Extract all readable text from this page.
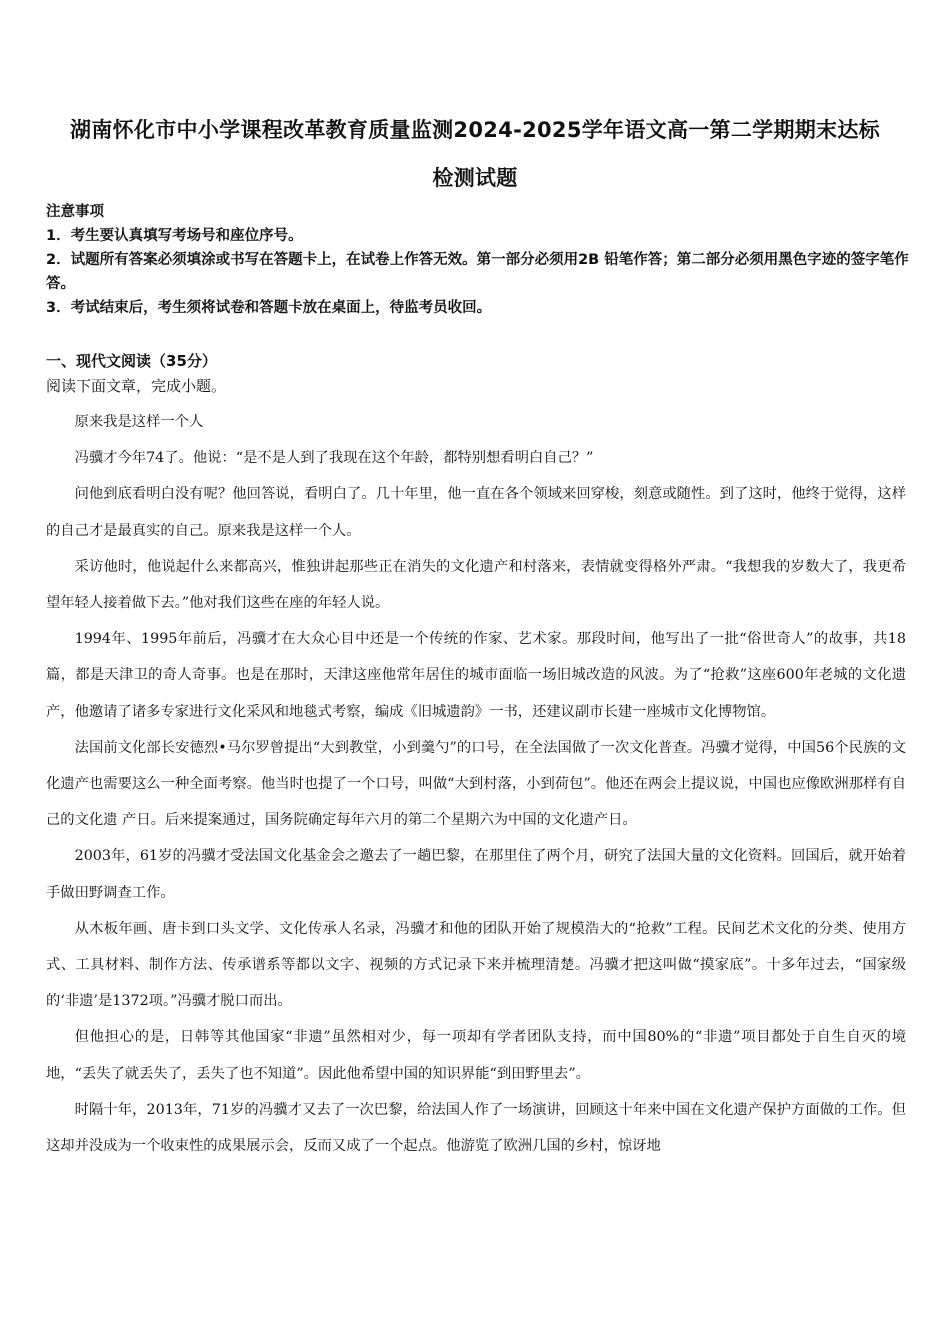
湖南怀化市中小学课程改革教育质量监测2024-2025学年语文高一第二学期期末达标
检测试题
注意事项
1．考生要认真填写考场号和座位序号。
2．试题所有答案必须填涂或书写在答题卡上，在试卷上作答无效。第一部分必须用2B 铅笔作答；第二部分必须用黑色字迹的签字笔作答。
3．考试结束后，考生须将试卷和答题卡放在桌面上，待监考员收回。
一、现代文阅读（35分）
阅读下面文章，完成小题。

原来我是这样一个人

冯骥才今年74了。他说：“是不是人到了我现在这个年龄，都特别想看明白自己？”

问他到底看明白没有呢？他回答说，看明白了。几十年里，他一直在各个领域来回穿梭，刻意或随性。到了这时，他终于觉得，这样的自己才是最真实的自己。原来我是这样一个人。

采访他时，他说起什么来都高兴，惟独讲起那些正在消失的文化遗产和村落来，表情就变得格外严肃。“我想我的岁数大了，我更希望年轻人接着做下去。”他对我们这些在座的年轻人说。

1994年、1995年前后，冯骥才在大众心目中还是一个传统的作家、艺术家。那段时间，他写出了一批“俗世奇人”的故事，共18篇，都是天津卫的奇人奇事。也是在那时，天津这座他常年居住的城市面临一场旧城改造的风波。为了“抢救”这座600年老城的文化遗产，他邀请了诸多专家进行文化采风和地毯式考察，编成《旧城遗韵》一书，还建议副市长建一座城市文化博物馆。

法国前文化部长安德烈•马尔罗曾提出“大到教堂，小到羹勺”的口号，在全法国做了一次文化普查。冯骥才觉得，中国56个民族的文化遗产也需要这么一种全面考察。他当时也提了一个口号，叫做“大到村落，小到荷包”。他还在两会上提议说，中国也应像欧洲那样有自己的文化遗 产日。后来提案通过，国务院确定每年六月的第二个星期六为中国的文化遗产日。

2003年，61岁的冯骥才受法国文化基金会之邀去了一趟巴黎，在那里住了两个月，研究了法国大量的文化资料。回国后，就开始着手做田野调查工作。

从木板年画、唐卡到口头文学、文化传承人名录，冯骥才和他的团队开始了规模浩大的“抢救”工程。民间艺术文化的分类、使用方式、工具材料、制作方法、传承谱系等都以文字、视频的方式记录下来并梳理清楚。冯骥才把这叫做“摸家底”。十多年过去，“国家级的‘非遗’是1372项。”冯骥才脱口而出。

但他担心的是，日韩等其他国家“非遗”虽然相对少，每一项却有学者团队支持，而中国80%的“非遗”项目都处于自生自灭的境地，“丢失了就丢失了，丢失了也不知道”。因此他希望中国的知识界能“到田野里去”。

时隔十年，2013年，71岁的冯骥才又去了一次巴黎，给法国人作了一场演讲，回顾这十年来中国在文化遗产保护方面做的工作。但这却并没成为一个收束性的成果展示会，反而又成了一个起点。他游览了欧洲几国的乡村，惊讶地
